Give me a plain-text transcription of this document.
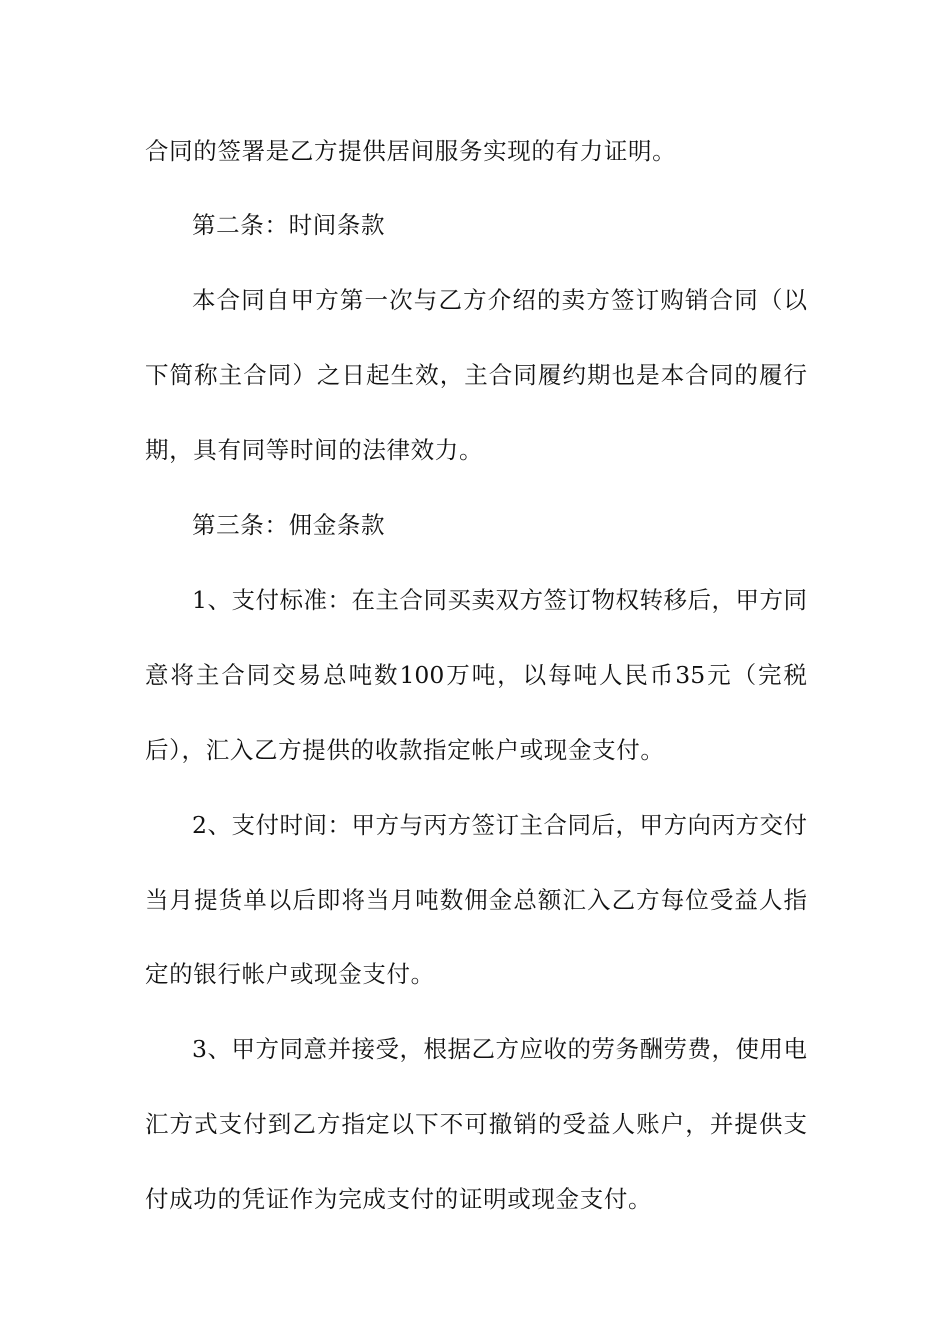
合同的签署是乙方提供居间服务实现的有力证明。
第二条：时间条款
本合同自甲方第一次与乙方介绍的卖方签订购销合同（以
下简称主合同）之日起生效，主合同履约期也是本合同的履行
期，具有同等时间的法律效力。
第三条：佣金条款
1、支付标准：在主合同买卖双方签订物权转移后，甲方同
意将主合同交易总吨数100万吨，以每吨人民币35元（完税
后），汇入乙方提供的收款指定帐户或现金支付。
2、支付时间：甲方与丙方签订主合同后，甲方向丙方交付
当月提货单以后即将当月吨数佣金总额汇入乙方每位受益人指
定的银行帐户或现金支付。
3、甲方同意并接受，根据乙方应收的劳务酬劳费，使用电
汇方式支付到乙方指定以下不可撤销的受益人账户，并提供支
付成功的凭证作为完成支付的证明或现金支付。
